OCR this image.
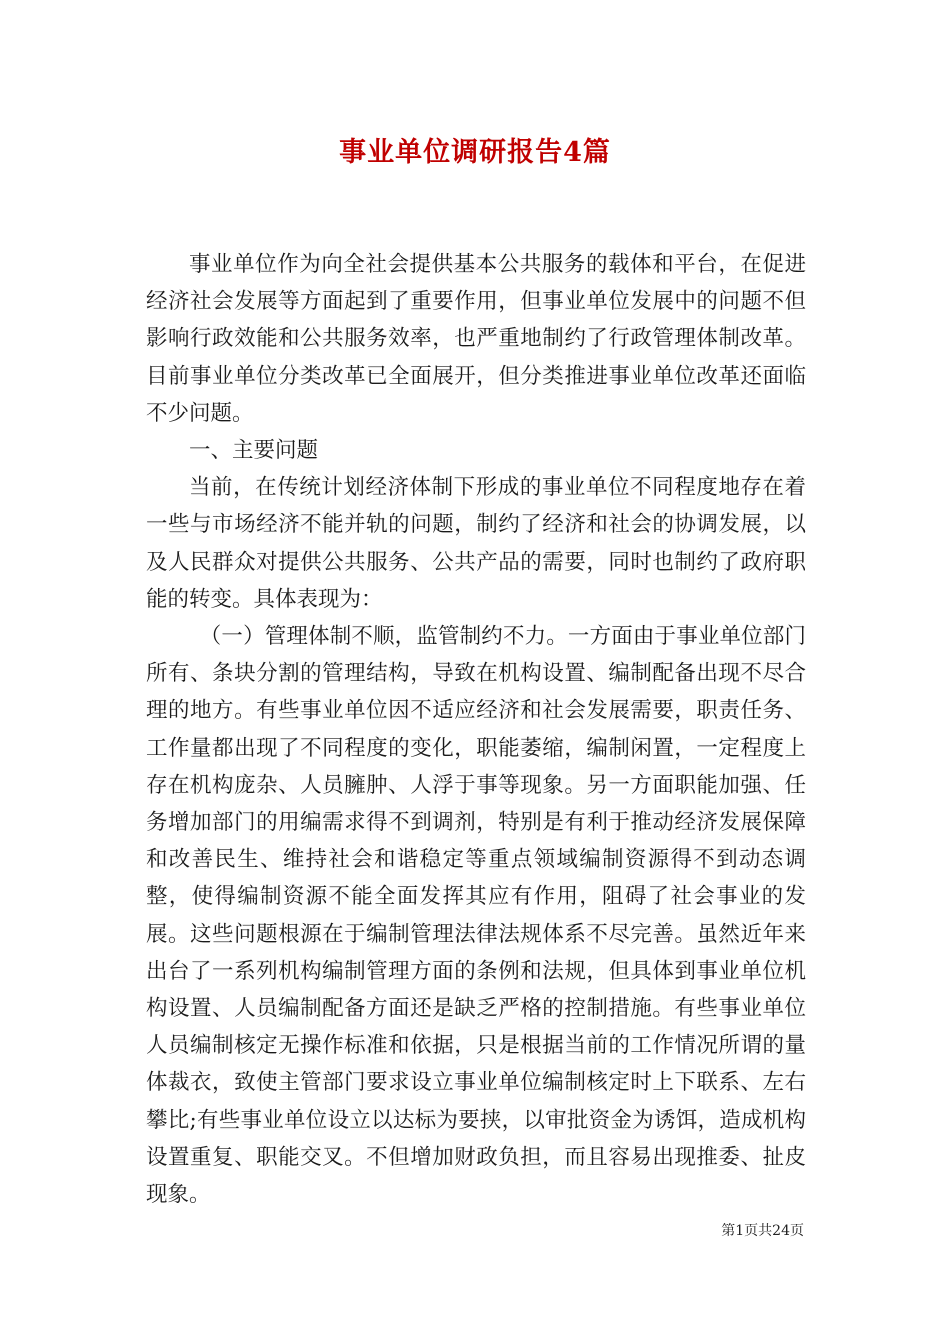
事业单位调研报告4篇

事业单位作为向全社会提供基本公共服务的载体和平台，在促进经济社会发展等方面起到了重要作用，但事业单位发展中的问题不但影响行政效能和公共服务效率，也严重地制约了行政管理体制改革。目前事业单位分类改革已全面展开，但分类推进事业单位改革还面临不少问题。

一、主要问题

当前，在传统计划经济体制下形成的事业单位不同程度地存在着一些与市场经济不能并轨的问题，制约了经济和社会的协调发展，以及人民群众对提供公共服务、公共产品的需要，同时也制约了政府职能的转变。具体表现为：

（一）管理体制不顺，监管制约不力。一方面由于事业单位部门所有、条块分割的管理结构，导致在机构设置、编制配备出现不尽合理的地方。有些事业单位因不适应经济和社会发展需要，职责任务、工作量都出现了不同程度的变化，职能萎缩，编制闲置，一定程度上存在机构庞杂、人员臃肿、人浮于事等现象。另一方面职能加强、任务增加部门的用编需求得不到调剂，特别是有利于推动经济发展保障和改善民生、维持社会和谐稳定等重点领域编制资源得不到动态调整，使得编制资源不能全面发挥其应有作用，阻碍了社会事业的发展。这些问题根源在于编制管理法律法规体系不尽完善。虽然近年来出台了一系列机构编制管理方面的条例和法规，但具体到事业单位机构设置、人员编制配备方面还是缺乏严格的控制措施。有些事业单位人员编制核定无操作标准和依据，只是根据当前的工作情况所谓的量体裁衣，致使主管部门要求设立事业单位编制核定时上下联系、左右攀比;有些事业单位设立以达标为要挟，以审批资金为诱饵，造成机构设置重复、职能交叉。不但增加财政负担，而且容易出现推委、扯皮现象。

第1页共24页
